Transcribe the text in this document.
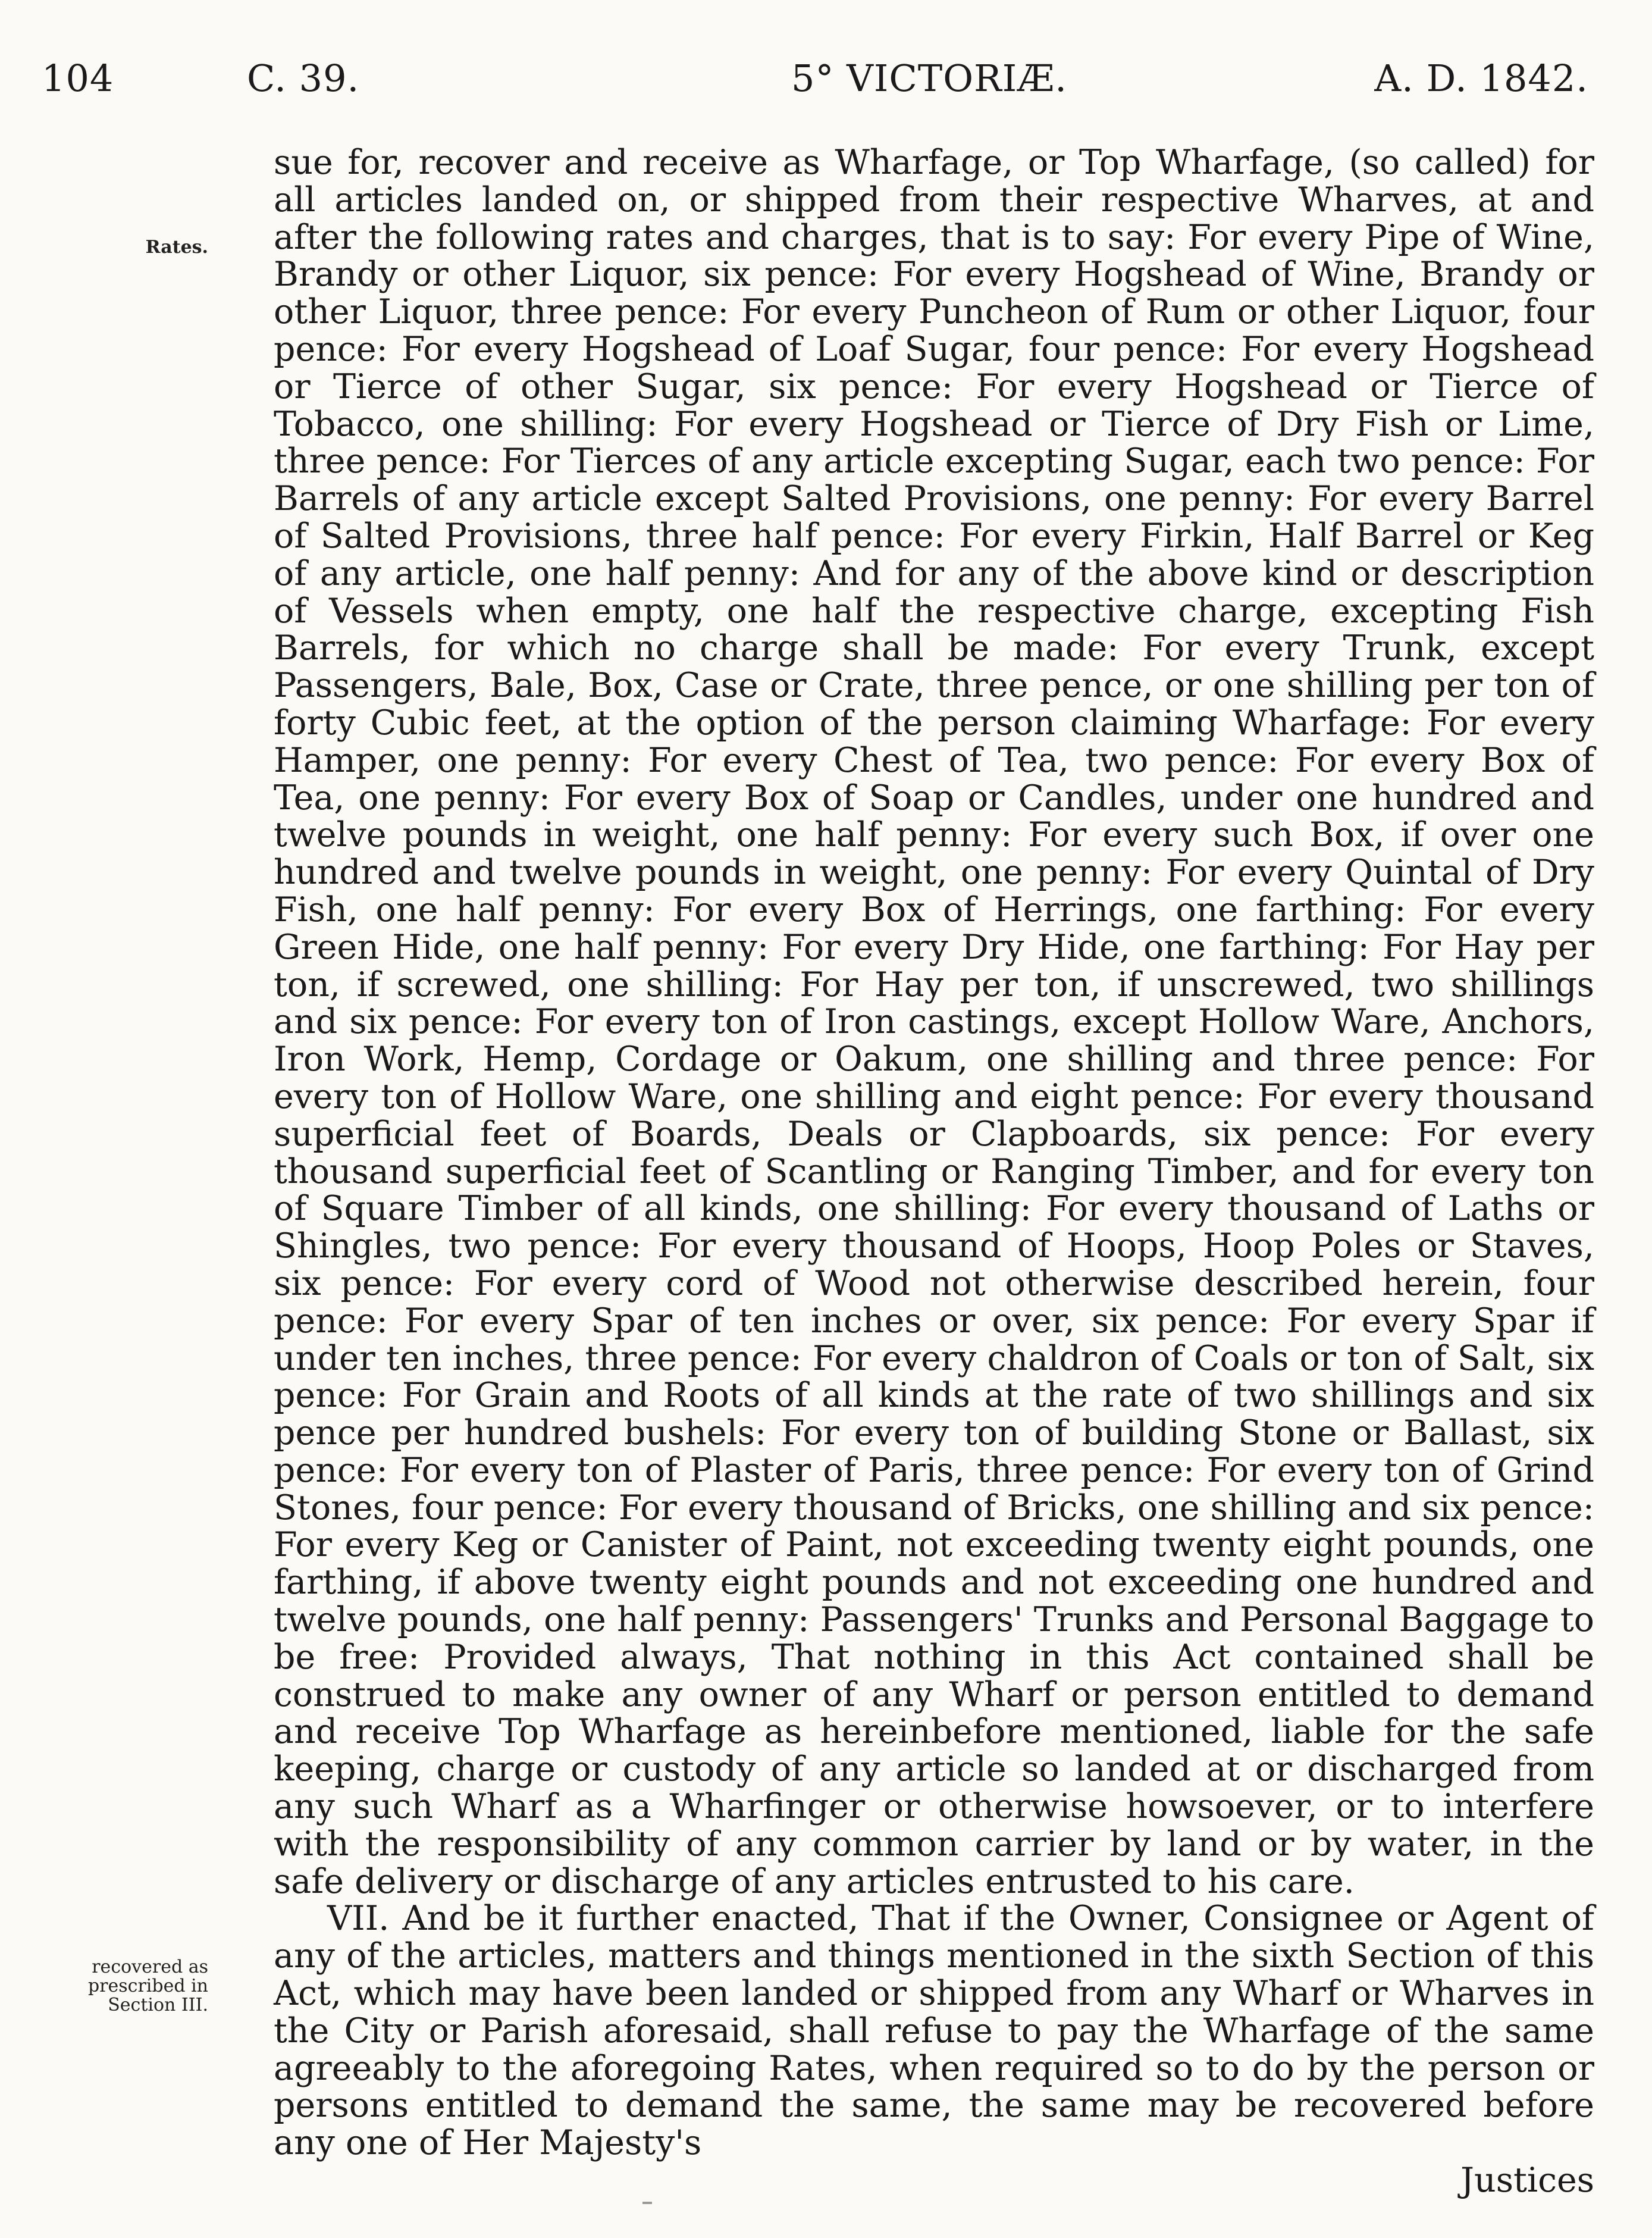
104	C. 39.	5° VICTORIÆ.	A. D. 1842.
Rates.
recovered as prescribed in Section III.

sue for, recover and receive as Wharfage, or Top Wharfage, (so called) for all articles landed on, or shipped from their respective Wharves, at and after the following rates and charges, that is to say: For every Pipe of Wine, Brandy or other Liquor, six pence: For every Hogshead of Wine, Brandy or other Liquor, three pence: For every Puncheon of Rum or other Liquor, four pence: For every Hogshead of Loaf Sugar, four pence: For every Hogshead or Tierce of other Sugar, six pence: For every Hogshead or Tierce of Tobacco, one shilling: For every Hogshead or Tierce of Dry Fish or Lime, three pence: For Tierces of any article excepting Sugar, each two pence: For Barrels of any article except Salted Provisions, one penny: For every Barrel of Salted Provisions, three half pence: For every Firkin, Half Barrel or Keg of any article, one half penny: And for any of the above kind or description of Vessels when empty, one half the respective charge, excepting Fish Barrels, for which no charge shall be made: For every Trunk, except Passengers, Bale, Box, Case or Crate, three pence, or one shilling per ton of forty Cubic feet, at the option of the person claiming Wharfage: For every Hamper, one penny: For every Chest of Tea, two pence: For every Box of Tea, one penny: For every Box of Soap or Candles, under one hundred and twelve pounds in weight, one half penny: For every such Box, if over one hundred and twelve pounds in weight, one penny: For every Quintal of Dry Fish, one half penny: For every Box of Herrings, one farthing: For every Green Hide, one half penny: For every Dry Hide, one farthing: For Hay per ton, if screwed, one shilling: For Hay per ton, if unscrewed, two shillings and six pence: For every ton of Iron castings, except Hollow Ware, Anchors, Iron Work, Hemp, Cordage or Oakum, one shilling and three pence: For every ton of Hollow Ware, one shilling and eight pence: For every thousand superficial feet of Boards, Deals or Clapboards, six pence: For every thousand superficial feet of Scantling or Ranging Timber, and for every ton of Square Timber of all kinds, one shilling: For every thousand of Laths or Shingles, two pence: For every thousand of Hoops, Hoop Poles or Staves, six pence: For every cord of Wood not otherwise described herein, four pence: For every Spar of ten inches or over, six pence: For every Spar if under ten inches, three pence: For every chaldron of Coals or ton of Salt, six pence: For Grain and Roots of all kinds at the rate of two shillings and six pence per hundred bushels: For every ton of building Stone or Ballast, six pence: For every ton of Plaster of Paris, three pence: For every ton of Grind Stones, four pence: For every thousand of Bricks, one shilling and six pence: For every Keg or Canister of Paint, not exceeding twenty eight pounds, one farthing, if above twenty eight pounds and not exceeding one hundred and twelve pounds, one half penny: Passengers' Trunks and Personal Baggage to be free: Provided always, That nothing in this Act contained shall be construed to make any owner of any Wharf or person entitled to demand and receive Top Wharfage as hereinbefore mentioned, liable for the safe keeping, charge or custody of any article so landed at or discharged from any such Wharf as a Wharfinger or otherwise howsoever, or to interfere with the responsibility of any common carrier by land or by water, in the safe delivery or discharge of any articles entrusted to his care.

VII. And be it further enacted, That if the Owner, Consignee or Agent of any of the articles, matters and things mentioned in the sixth Section of this Act, which may have been landed or shipped from any Wharf or Wharves in the City or Parish aforesaid, shall refuse to pay the Wharfage of the same agreeably to the aforegoing Rates, when required so to do by the person or persons entitled to demand the same, the same may be recovered before any one of Her Majesty's

Justices
